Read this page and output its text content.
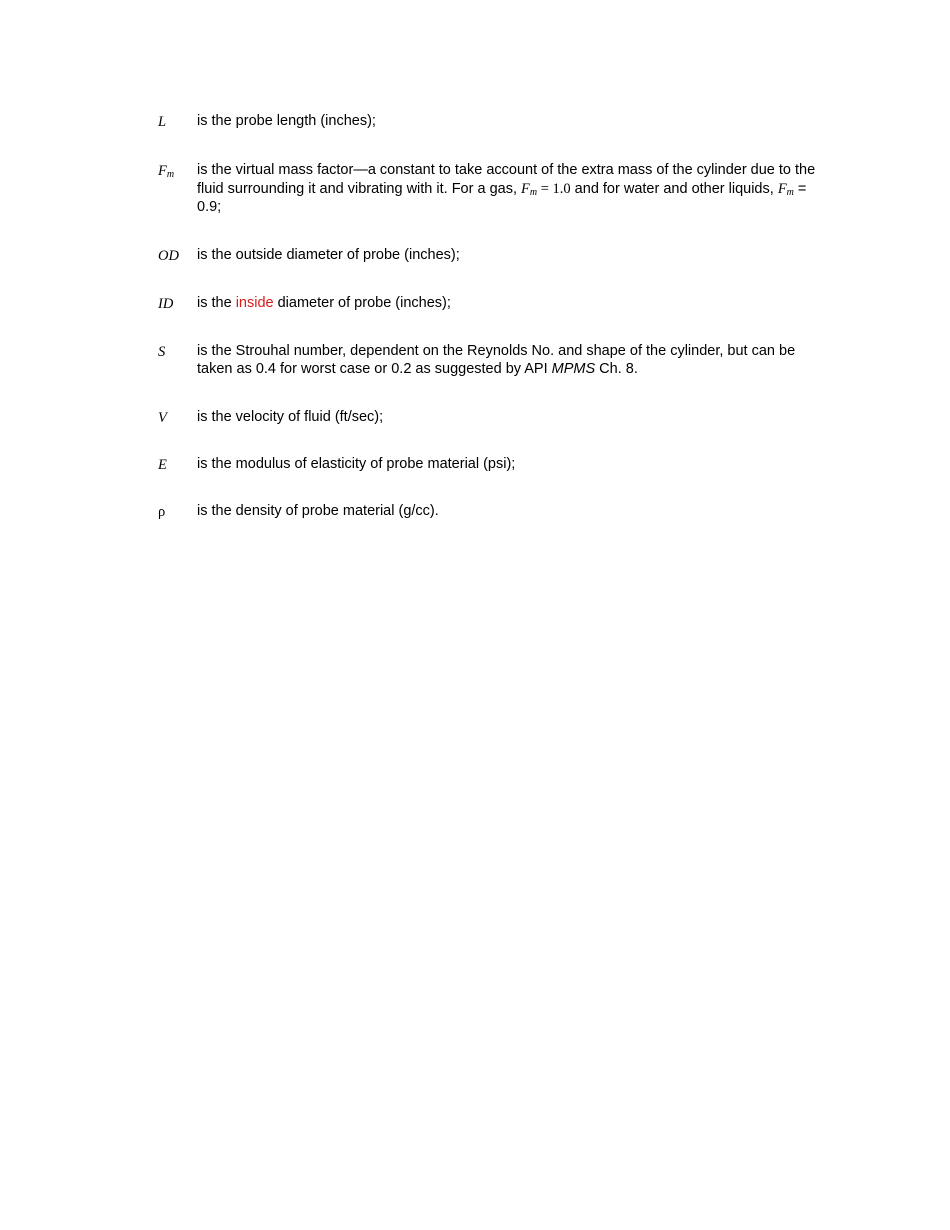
L	is the probe length (inches);
$F_m$	is the virtual mass factor—a constant to take account of the extra mass of the cylinder due to the fluid surrounding it and vibrating with it. For a gas, $F_m = 1.0$ and for water and other liquids, $F_m = 0.9$;
OD	is the outside diameter of probe (inches);
ID	is the inside diameter of probe (inches);
S	is the Strouhal number, dependent on the Reynolds No. and shape of the cylinder, but can be taken as 0.4 for worst case or 0.2 as suggested by API MPMS Ch. 8.
V	is the velocity of fluid (ft/sec);
E	is the modulus of elasticity of probe material (psi);
ρ	is the density of probe material (g/cc).
